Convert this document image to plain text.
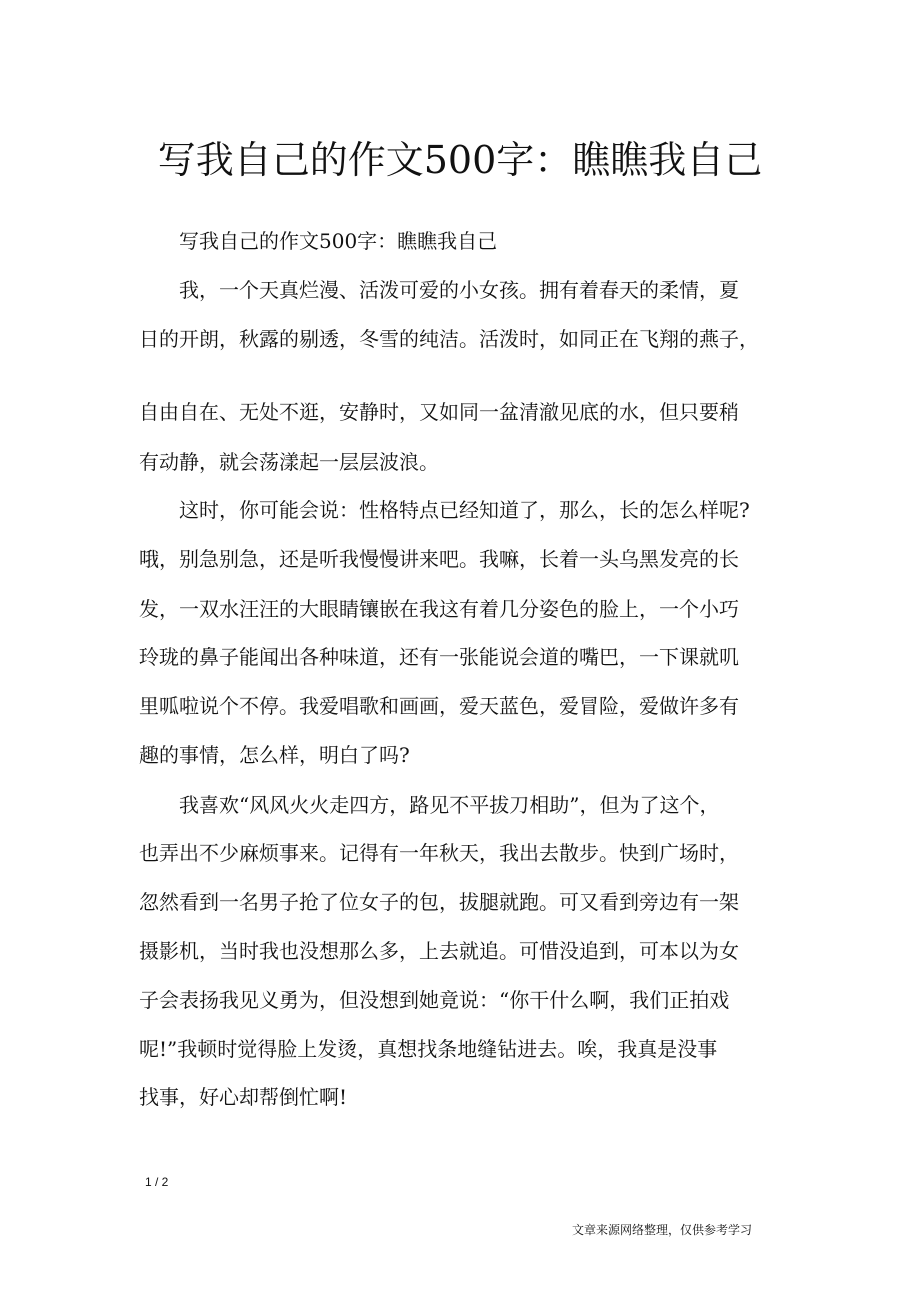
写我自己的作文500字：瞧瞧我自己

写我自己的作文500字：瞧瞧我自己

我，一个天真烂漫、活泼可爱的小女孩。拥有着春天的柔情，夏

日的开朗，秋露的剔透，冬雪的纯洁。活泼时，如同正在飞翔的燕子，

自由自在、无处不逛，安静时，又如同一盆清澈见底的水，但只要稍

有动静，就会荡漾起一层层波浪。

这时，你可能会说：性格特点已经知道了，那么，长的怎么样呢?

哦，别急别急，还是听我慢慢讲来吧。我嘛，长着一头乌黑发亮的长

发，一双水汪汪的大眼睛镶嵌在我这有着几分姿色的脸上，一个小巧

玲珑的鼻子能闻出各种味道，还有一张能说会道的嘴巴，一下课就叽

里呱啦说个不停。我爱唱歌和画画，爱天蓝色，爱冒险，爱做许多有

趣的事情，怎么样，明白了吗?

我喜欢“风风火火走四方，路见不平拔刀相助”，但为了这个，

也弄出不少麻烦事来。记得有一年秋天，我出去散步。快到广场时，

忽然看到一名男子抢了位女子的包，拔腿就跑。可又看到旁边有一架

摄影机，当时我也没想那么多，上去就追。可惜没追到，可本以为女

子会表扬我见义勇为，但没想到她竟说：“你干什么啊，我们正拍戏

呢!”我顿时觉得脸上发烫，真想找条地缝钻进去。唉，我真是没事

找事，好心却帮倒忙啊!

1 / 2

文章来源网络整理，仅供参考学习
